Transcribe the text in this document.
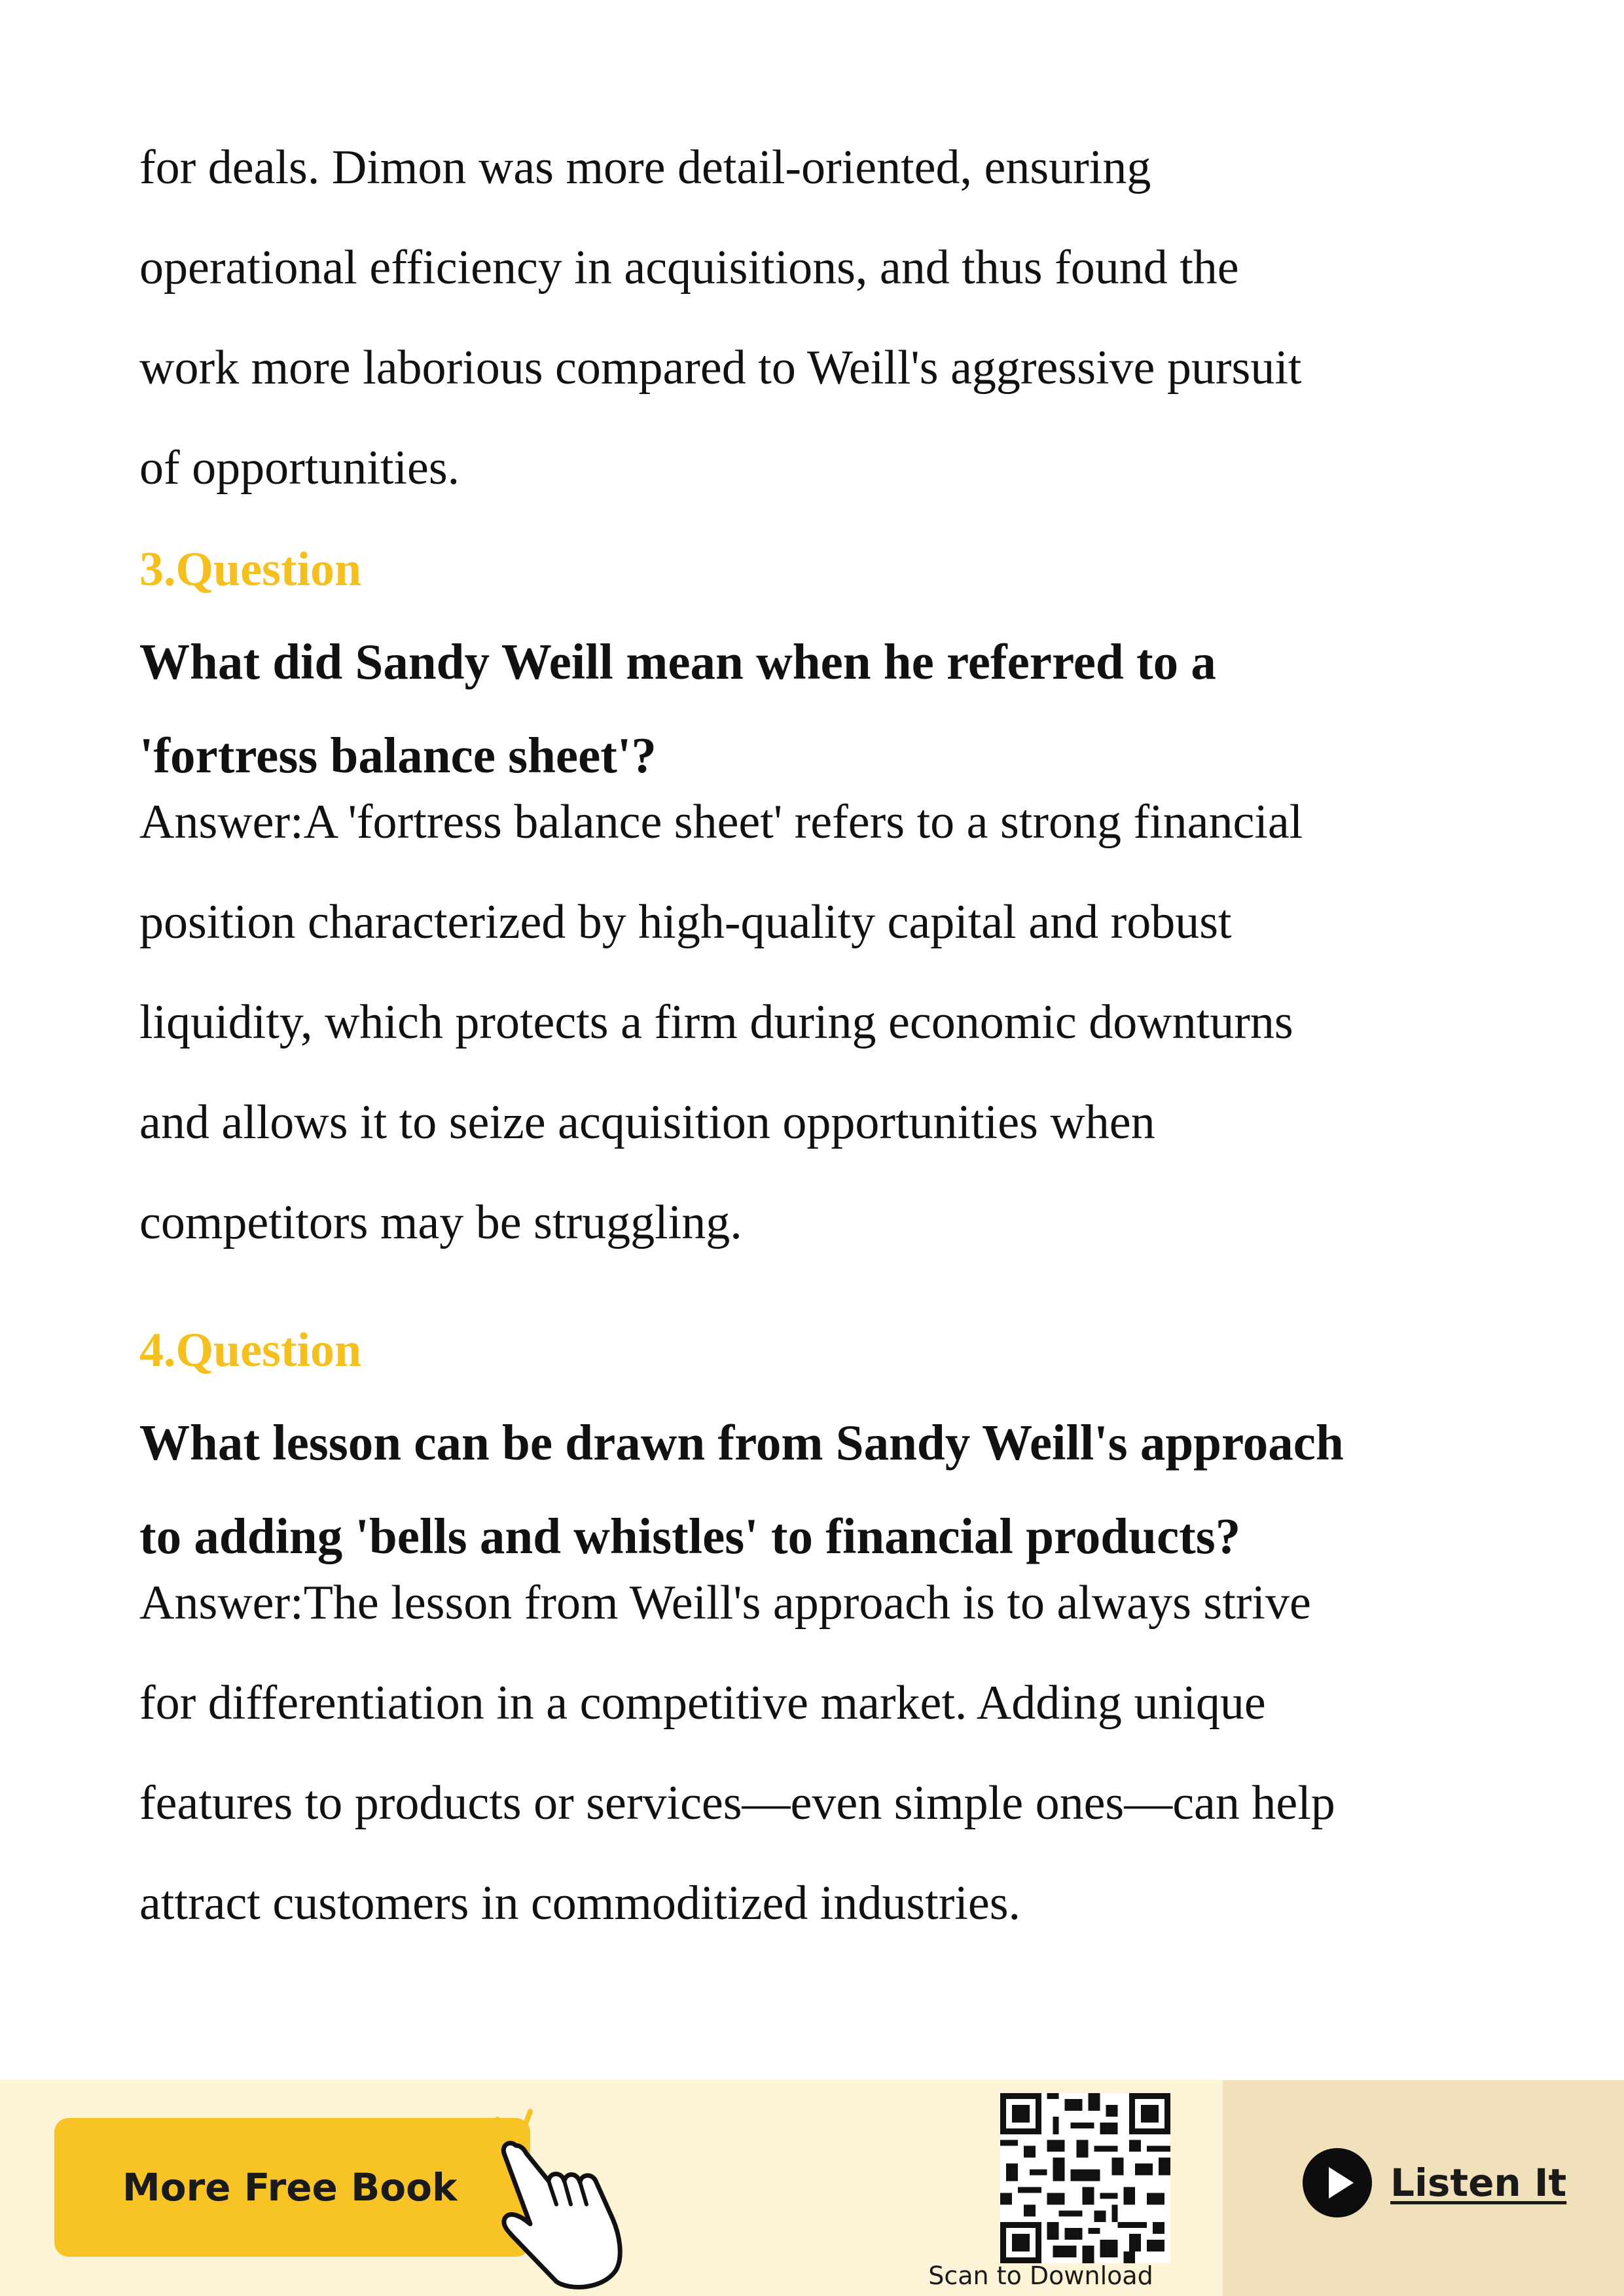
for deals. Dimon was more detail-oriented, ensuring

operational efficiency in acquisitions, and thus found the

work more laborious compared to Weill's aggressive pursuit

of opportunities.

3.Question

What did Sandy Weill mean when he referred to a

'fortress balance sheet'?

Answer:A 'fortress balance sheet' refers to a strong financial

position characterized by high-quality capital and robust

liquidity, which protects a firm during economic downturns

and allows it to seize acquisition opportunities when

competitors may be struggling.

4.Question

What lesson can be drawn from Sandy Weill's approach

to adding 'bells and whistles' to financial products?

Answer:The lesson from Weill's approach is to always strive

for differentiation in a competitive market. Adding unique

features to products or services—even simple ones—can help

attract customers in commoditized industries.

More Free Book
Scan to Download
Listen It
